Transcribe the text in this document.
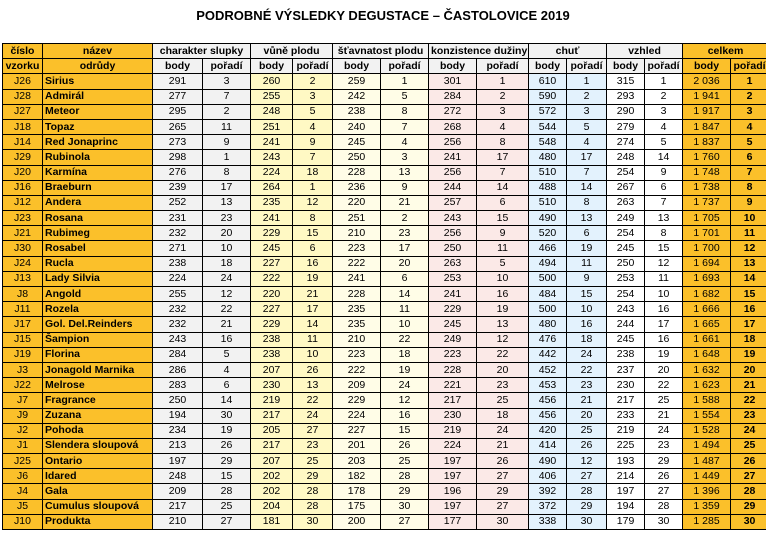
PODROBNÉ VÝSLEDKY DEGUSTACE – ČASTOLOVICE 2019
číslo	název	charakter slupky		vůně plodu		šťavnatost plodu		konzistence dužiny		chuť		vzhled		celkem	
vzorku	odrůdy	body	pořadí	body	pořadí	body	pořadí	body	pořadí	body	pořadí	body	pořadí	body	pořadí
J26	Sirius	291	3	260	2	259	1	301	1	610	1	315	1	2 036	1
J28	Admirál	277	7	255	3	242	5	284	2	590	2	293	2	1 941	2
J27	Meteor	295	2	248	5	238	8	272	3	572	3	290	3	1 917	3
J18	Topaz	265	11	251	4	240	7	268	4	544	5	279	4	1 847	4
J14	Red Jonaprinc	273	9	241	9	245	4	256	8	548	4	274	5	1 837	5
J29	Rubinola	298	1	243	7	250	3	241	17	480	17	248	14	1 760	6
J20	Karmína	276	8	224	18	228	13	256	7	510	7	254	9	1 748	7
J16	Braeburn	239	17	264	1	236	9	244	14	488	14	267	6	1 738	8
J12	Andera	252	13	235	12	220	21	257	6	510	8	263	7	1 737	9
J23	Rosana	231	23	241	8	251	2	243	15	490	13	249	13	1 705	10
J21	Rubimeg	232	20	229	15	210	23	256	9	520	6	254	8	1 701	11
J30	Rosabel	271	10	245	6	223	17	250	11	466	19	245	15	1 700	12
J24	Rucla	238	18	227	16	222	20	263	5	494	11	250	12	1 694	13
J13	Lady Silvia	224	24	222	19	241	6	253	10	500	9	253	11	1 693	14
J8	Angold	255	12	220	21	228	14	241	16	484	15	254	10	1 682	15
J11	Rozela	232	22	227	17	235	11	229	19	500	10	243	16	1 666	16
J17	Gol. Del.Reinders	232	21	229	14	235	10	245	13	480	16	244	17	1 665	17
J15	Šampion	243	16	238	11	210	22	249	12	476	18	245	16	1 661	18
J19	Florina	284	5	238	10	223	18	223	22	442	24	238	19	1 648	19
J3	Jonagold Marnika	286	4	207	26	222	19	228	20	452	22	237	20	1 632	20
J22	Melrose	283	6	230	13	209	24	221	23	453	23	230	22	1 623	21
J7	Fragrance	250	14	219	22	229	12	217	25	456	21	217	25	1 588	22
J9	Zuzana	194	30	217	24	224	16	230	18	456	20	233	21	1 554	23
J2	Pohoda	234	19	205	27	227	15	219	24	420	25	219	24	1 528	24
J1	Slendera sloupová	213	26	217	23	201	26	224	21	414	26	225	23	1 494	25
J25	Ontario	197	29	207	25	203	25	197	26	490	12	193	29	1 487	26
J6	Idared	248	15	202	29	182	28	197	27	406	27	214	26	1 449	27
J4	Gala	209	28	202	28	178	29	196	29	392	28	197	27	1 396	28
J5	Cumulus sloupová	217	25	204	28	175	30	197	27	372	29	194	28	1 359	29
J10	Produkta	210	27	181	30	200	27	177	30	338	30	179	30	1 285	30
